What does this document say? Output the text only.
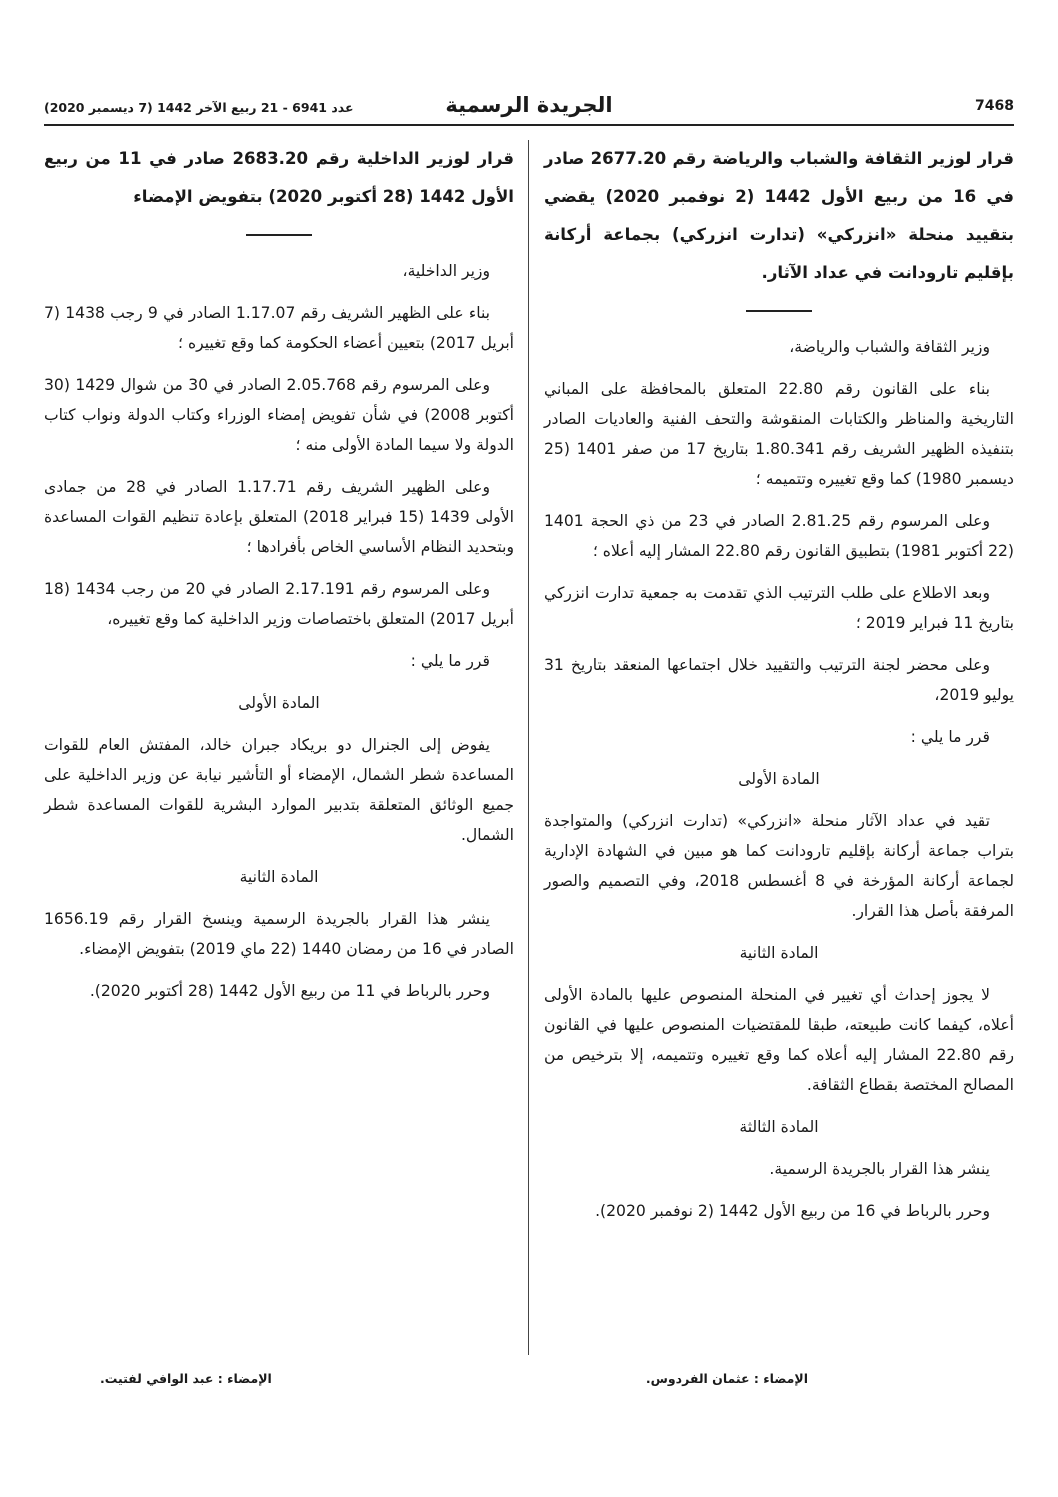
7468
الجريدة الرسمية
عدد 6941 - 21 ربيع الآخر 1442 (7 ديسمبر 2020)
قرار لوزير الثقافة والشباب والرياضة رقم 2677.20 صادر في 16 من ربيع الأول 1442 (2 نوفمبر 2020) يقضي بتقييد منحلة «انزركي» (تدارت انزركي) بجماعة أركانة بإقليم تارودانت في عداد الآثار.

وزير الثقافة والشباب والرياضة،

بناء على القانون رقم 22.80 المتعلق بالمحافظة على المباني التاريخية والمناظر والكتابات المنقوشة والتحف الفنية والعاديات الصادر بتنفيذه الظهير الشريف رقم 1.80.341 بتاريخ 17 من صفر 1401 (25 ديسمبر 1980) كما وقع تغييره وتتميمه ؛

وعلى المرسوم رقم 2.81.25 الصادر في 23 من ذي الحجة 1401 (22 أكتوبر 1981) بتطبيق القانون رقم 22.80 المشار إليه أعلاه ؛

وبعد الاطلاع على طلب الترتيب الذي تقدمت به جمعية تدارت انزركي بتاريخ 11 فبراير 2019 ؛

وعلى محضر لجنة الترتيب والتقييد خلال اجتماعها المنعقد بتاريخ 31 يوليو 2019،

قرر ما يلي :

المادة الأولى

تقيد في عداد الآثار منحلة «انزركي» (تدارت انزركي) والمتواجدة بتراب جماعة أركانة بإقليم تارودانت كما هو مبين في الشهادة الإدارية لجماعة أركانة المؤرخة في 8 أغسطس 2018، وفي التصميم والصور المرفقة بأصل هذا القرار.

المادة الثانية

لا يجوز إحداث أي تغيير في المنحلة المنصوص عليها بالمادة الأولى أعلاه، كيفما كانت طبيعته، طبقا للمقتضيات المنصوص عليها في القانون رقم 22.80 المشار إليه أعلاه كما وقع تغييره وتتميمه، إلا بترخيص من المصالح المختصة بقطاع الثقافة.

المادة الثالثة

ينشر هذا القرار بالجريدة الرسمية.

وحرر بالرباط في 16 من ربيع الأول 1442 (2 نوفمبر 2020).

قرار لوزير الداخلية رقم 2683.20 صادر في 11 من ربيع الأول 1442 (28 أكتوبر 2020) بتفويض الإمضاء

وزير الداخلية،

بناء على الظهير الشريف رقم 1.17.07 الصادر في 9 رجب 1438 (7 أبريل 2017) بتعيين أعضاء الحكومة كما وقع تغييره ؛

وعلى المرسوم رقم 2.05.768 الصادر في 30 من شوال 1429 (30 أكتوبر 2008) في شأن تفويض إمضاء الوزراء وكتاب الدولة ونواب كتاب الدولة ولا سيما المادة الأولى منه ؛

وعلى الظهير الشريف رقم 1.17.71 الصادر في 28 من جمادى الأولى 1439 (15 فبراير 2018) المتعلق بإعادة تنظيم القوات المساعدة وبتحديد النظام الأساسي الخاص بأفرادها ؛

وعلى المرسوم رقم 2.17.191 الصادر في 20 من رجب 1434 (18 أبريل 2017) المتعلق باختصاصات وزير الداخلية كما وقع تغييره،

قرر ما يلي :

المادة الأولى

يفوض إلى الجنرال دو بريكاد جبران خالد، المفتش العام للقوات المساعدة شطر الشمال، الإمضاء أو التأشير نيابة عن وزير الداخلية على جميع الوثائق المتعلقة بتدبير الموارد البشرية للقوات المساعدة شطر الشمال.

المادة الثانية

ينشر هذا القرار بالجريدة الرسمية وينسخ القرار رقم 1656.19 الصادر في 16 من رمضان 1440 (22 ماي 2019) بتفويض الإمضاء.

وحرر بالرباط في 11 من ربيع الأول 1442 (28 أكتوبر 2020).

الإمضاء : عثمان الفردوس.
الإمضاء : عبد الوافي لفتيت.
